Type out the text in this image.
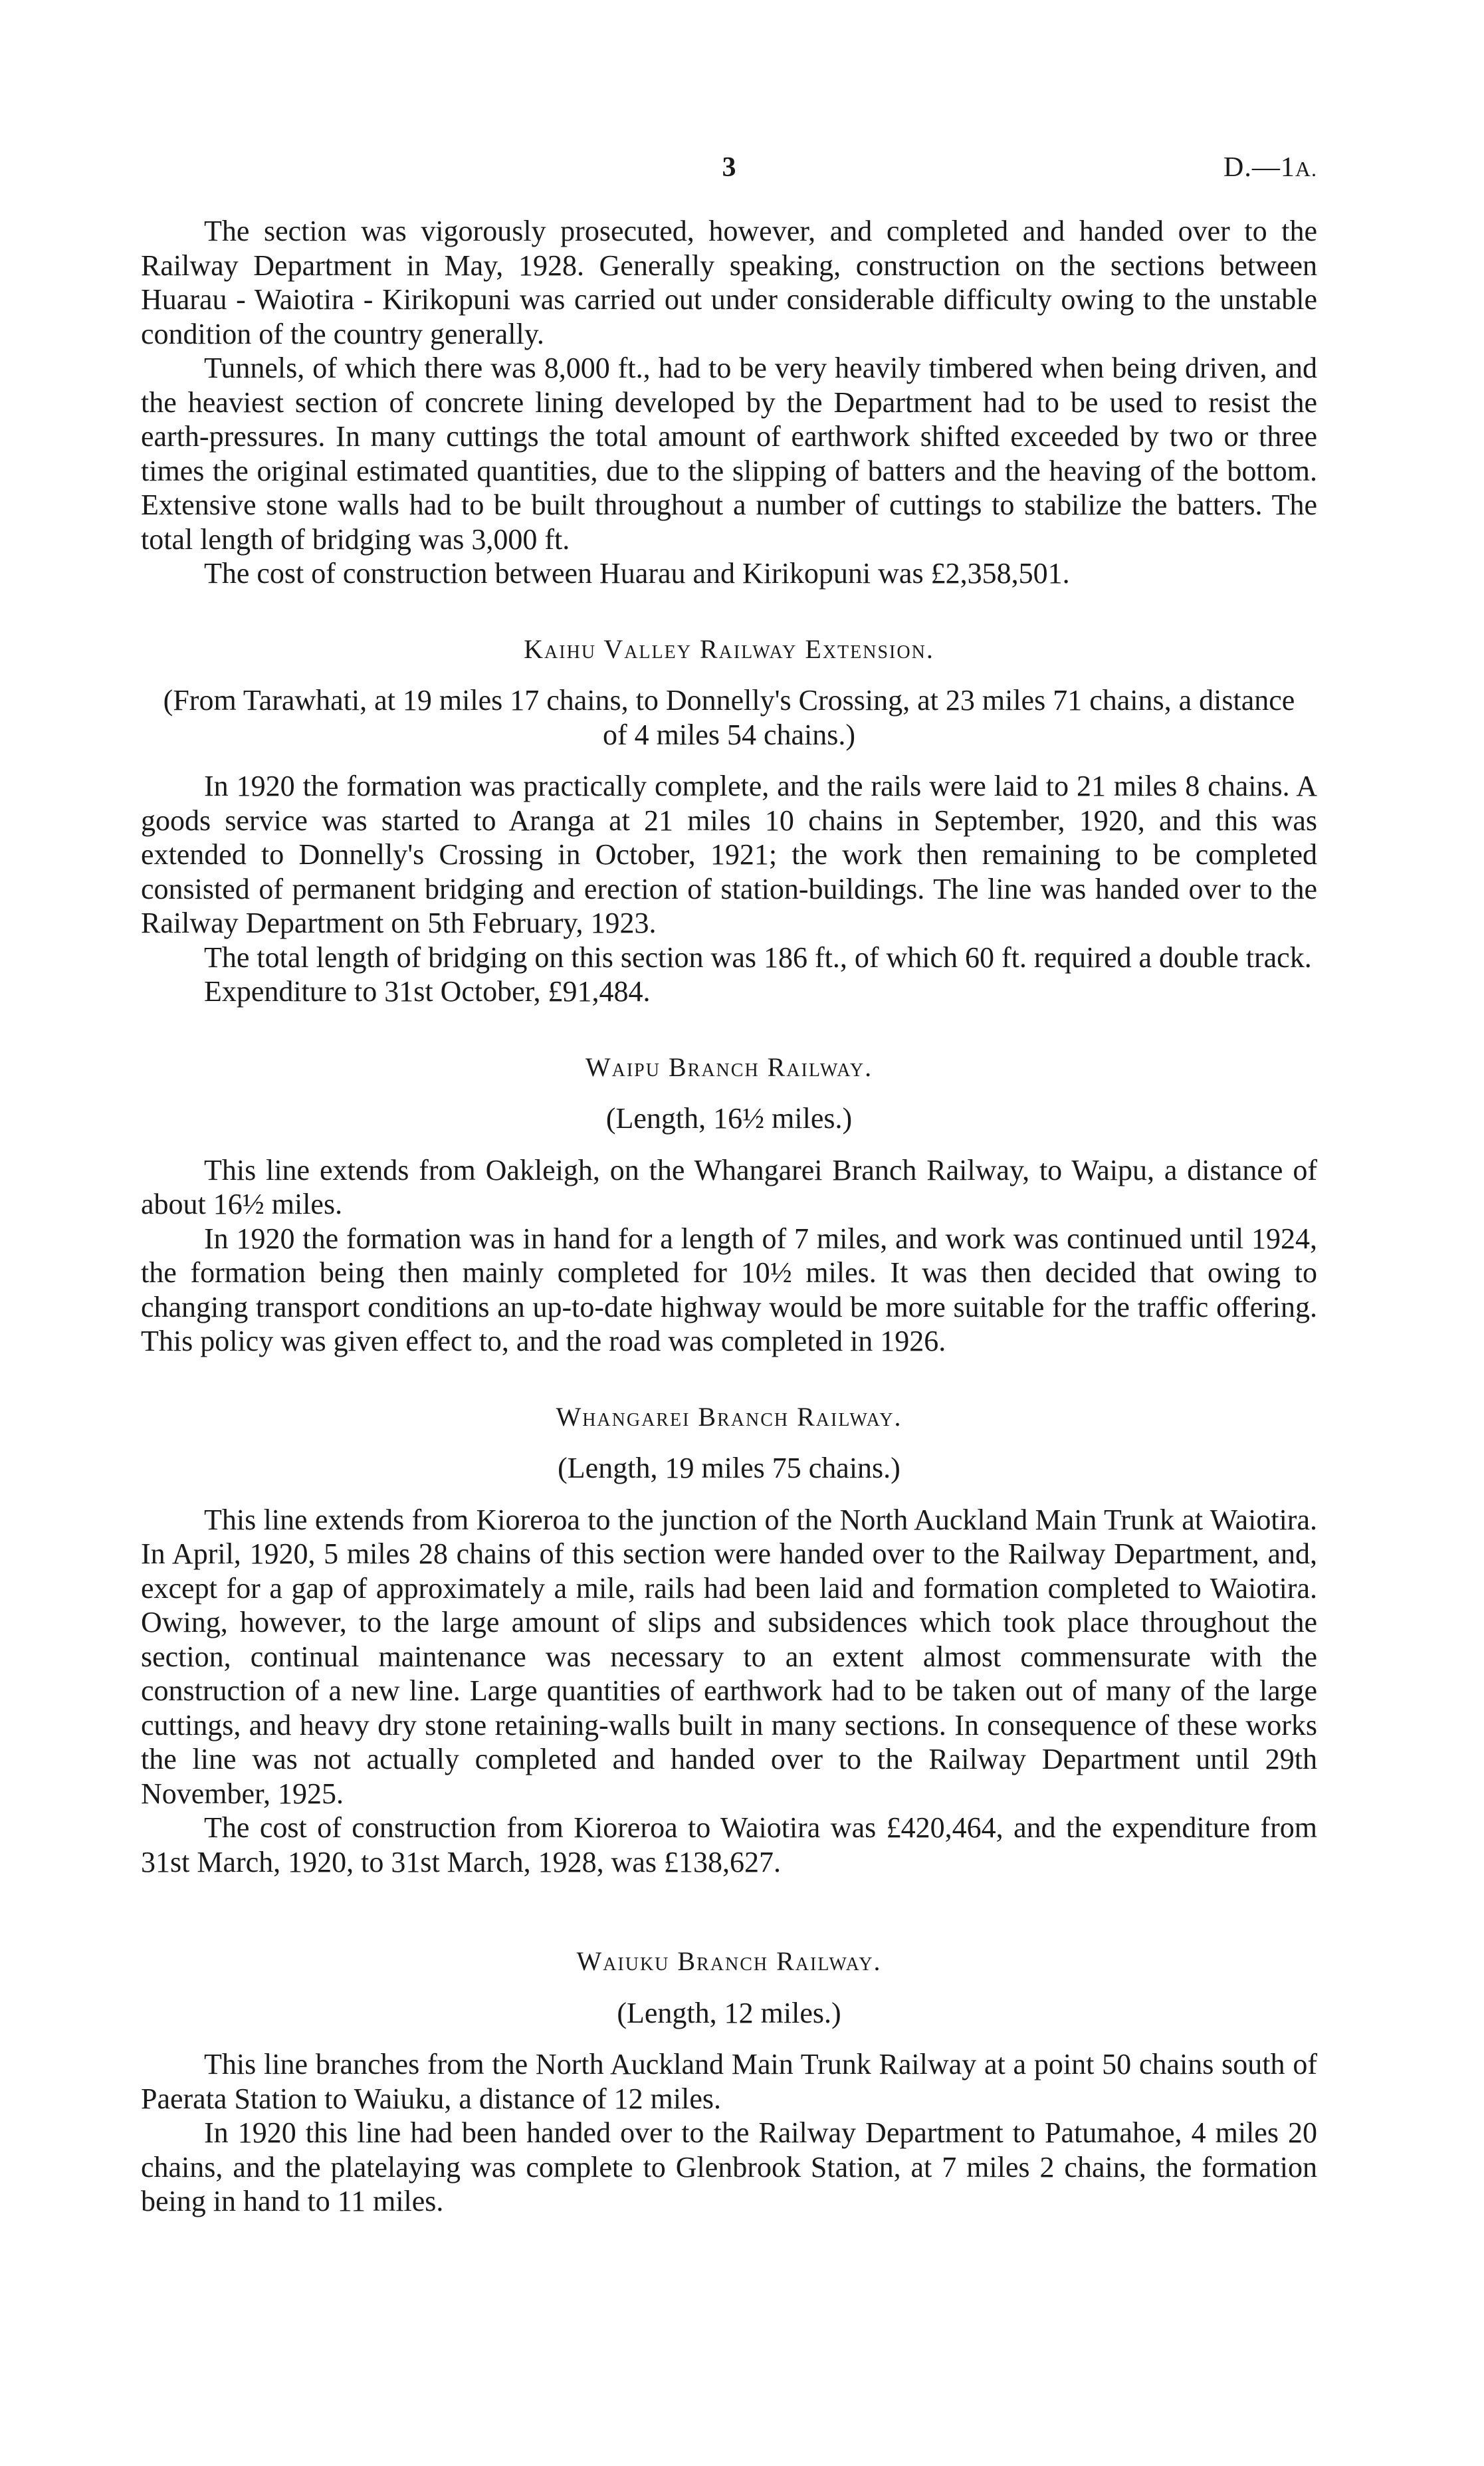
3	D.—1A.

The section was vigorously prosecuted, however, and completed and handed over to the Railway Department in May, 1928. Generally speaking, construction on the sections between Huarau - Waiotira - Kirikopuni was carried out under considerable difficulty owing to the unstable condition of the country generally.

Tunnels, of which there was 8,000 ft., had to be very heavily timbered when being driven, and the heaviest section of concrete lining developed by the Department had to be used to resist the earth-pressures. In many cuttings the total amount of earthwork shifted exceeded by two or three times the original estimated quantities, due to the slipping of batters and the heaving of the bottom. Extensive stone walls had to be built throughout a number of cuttings to stabilize the batters. The total length of bridging was 3,000 ft.

The cost of construction between Huarau and Kirikopuni was £2,358,501.

Kaihu Valley Railway Extension.

(From Tarawhati, at 19 miles 17 chains, to Donnelly's Crossing, at 23 miles 71 chains, a distance of 4 miles 54 chains.)

In 1920 the formation was practically complete, and the rails were laid to 21 miles 8 chains. A goods service was started to Aranga at 21 miles 10 chains in September, 1920, and this was extended to Donnelly's Crossing in October, 1921; the work then remaining to be completed consisted of permanent bridging and erection of station-buildings. The line was handed over to the Railway Department on 5th February, 1923.

The total length of bridging on this section was 186 ft., of which 60 ft. required a double track.

Expenditure to 31st October, £91,484.

Waipu Branch Railway.

(Length, 16½ miles.)

This line extends from Oakleigh, on the Whangarei Branch Railway, to Waipu, a distance of about 16½ miles.

In 1920 the formation was in hand for a length of 7 miles, and work was continued until 1924, the formation being then mainly completed for 10½ miles. It was then decided that owing to changing transport conditions an up-to-date highway would be more suitable for the traffic offering. This policy was given effect to, and the road was completed in 1926.

Whangarei Branch Railway.

(Length, 19 miles 75 chains.)

This line extends from Kioreroa to the junction of the North Auckland Main Trunk at Waiotira. In April, 1920, 5 miles 28 chains of this section were handed over to the Railway Department, and, except for a gap of approximately a mile, rails had been laid and formation completed to Waiotira. Owing, however, to the large amount of slips and subsidences which took place throughout the section, continual maintenance was necessary to an extent almost commensurate with the construction of a new line. Large quantities of earthwork had to be taken out of many of the large cuttings, and heavy dry stone retaining-walls built in many sections. In consequence of these works the line was not actually completed and handed over to the Railway Department until 29th November, 1925.

The cost of construction from Kioreroa to Waiotira was £420,464, and the expenditure from 31st March, 1920, to 31st March, 1928, was £138,627.

Waiuku Branch Railway.

(Length, 12 miles.)

This line branches from the North Auckland Main Trunk Railway at a point 50 chains south of Paerata Station to Waiuku, a distance of 12 miles.

In 1920 this line had been handed over to the Railway Department to Patumahoe, 4 miles 20 chains, and the platelaying was complete to Glenbrook Station, at 7 miles 2 chains, the formation being in hand to 11 miles.
